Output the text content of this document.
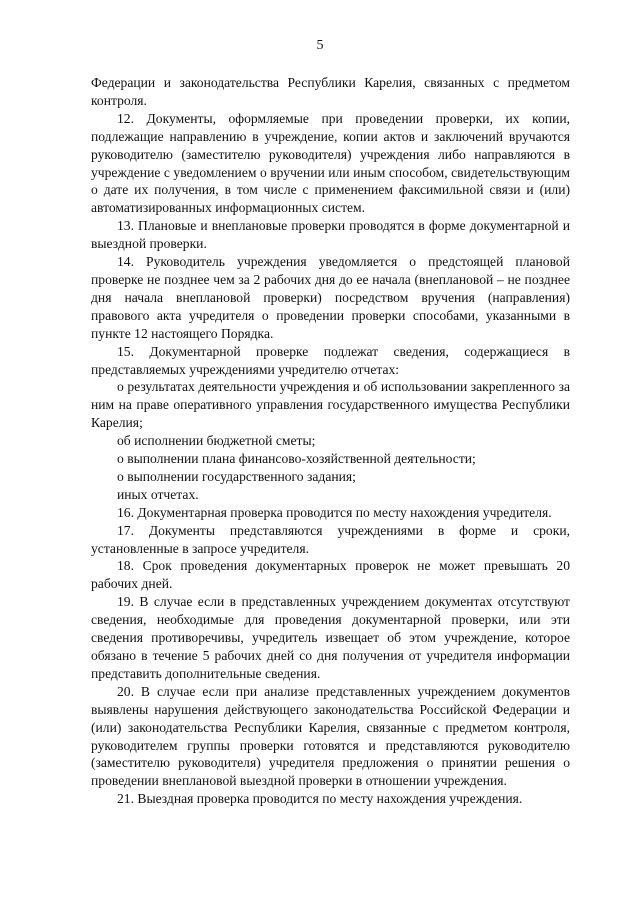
5

Федерации и законодательства Республики Карелия, связанных с предметом контроля.

12. Документы, оформляемые при проведении проверки, их копии, подлежащие направлению в учреждение, копии актов и заключений вручаются руководителю (заместителю руководителя) учреждения либо направляются в учреждение с уведомлением о вручении или иным способом, свидетельствующим о дате их получения, в том числе с применением факсимильной связи и (или) автоматизированных информационных систем.

13. Плановые и внеплановые проверки проводятся в форме документарной и выездной проверки.

14. Руководитель учреждения уведомляется о предстоящей плановой проверке не позднее чем за 2 рабочих дня до ее начала (внеплановой – не позднее дня начала внеплановой проверки) посредством вручения (направления) правового акта учредителя о проведении проверки способами, указанными в пункте 12 настоящего Порядка.

15. Документарной проверке подлежат сведения, содержащиеся в представляемых учреждениями учредителю отчетах:

о результатах деятельности учреждения и об использовании закрепленного за ним на праве оперативного управления государственного имущества Республики Карелия;

об исполнении бюджетной сметы;

о выполнении плана финансово-хозяйственной деятельности;

о выполнении государственного задания;

иных отчетах.

16. Документарная проверка проводится по месту нахождения учредителя.

17. Документы представляются учреждениями в форме и сроки, установленные в запросе учредителя.

18. Срок проведения документарных проверок не может превышать 20 рабочих дней.

19. В случае если в представленных учреждением документах отсутствуют сведения, необходимые для проведения документарной проверки, или эти сведения противоречивы, учредитель извещает об этом учреждение, которое обязано в течение 5 рабочих дней со дня получения от учредителя информации представить дополнительные сведения.

20. В случае если при анализе представленных учреждением документов выявлены нарушения действующего законодательства Российской Федерации и (или) законодательства Республики Карелия, связанные с предметом контроля, руководителем группы проверки готовятся и представляются руководителю (заместителю руководителя) учредителя предложения о принятии решения о проведении внеплановой выездной проверки в отношении учреждения.

21. Выездная проверка проводится по месту нахождения учреждения.
